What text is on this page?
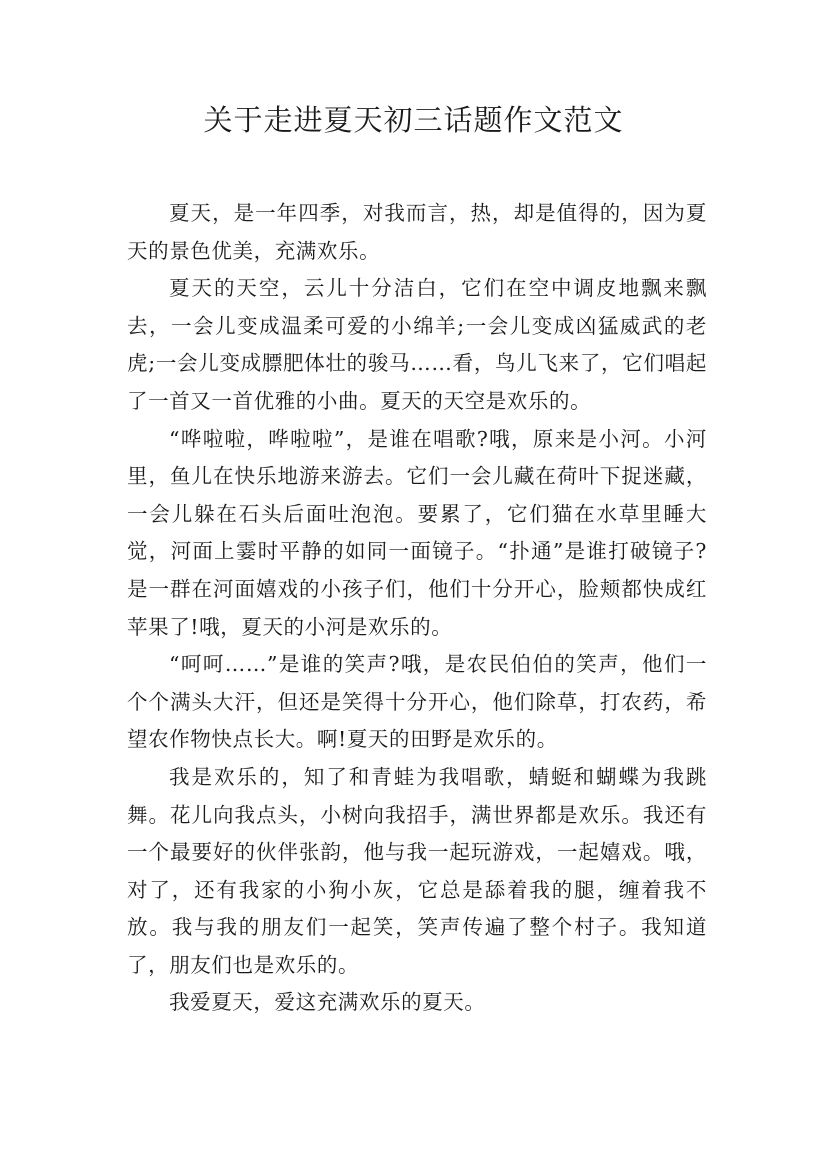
关于走进夏天初三话题作文范文

夏天，是一年四季，对我而言，热，却是值得的，因为夏天的景色优美，充满欢乐。

夏天的天空，云儿十分洁白，它们在空中调皮地飘来飘去，一会儿变成温柔可爱的小绵羊;一会儿变成凶猛威武的老虎;一会儿变成膘肥体壮的骏马……看，鸟儿飞来了，它们唱起了一首又一首优雅的小曲。夏天的天空是欢乐的。

“哗啦啦，哗啦啦”，是谁在唱歌?哦，原来是小河。小河里，鱼儿在快乐地游来游去。它们一会儿藏在荷叶下捉迷藏，一会儿躲在石头后面吐泡泡。要累了，它们猫在水草里睡大觉，河面上霎时平静的如同一面镜子。“扑通”是谁打破镜子?是一群在河面嬉戏的小孩子们，他们十分开心，脸颊都快成红苹果了!哦，夏天的小河是欢乐的。

“呵呵……”是谁的笑声?哦，是农民伯伯的笑声，他们一个个满头大汗，但还是笑得十分开心，他们除草，打农药，希望农作物快点长大。啊!夏天的田野是欢乐的。

我是欢乐的，知了和青蛙为我唱歌，蜻蜓和蝴蝶为我跳舞。花儿向我点头，小树向我招手，满世界都是欢乐。我还有一个最要好的伙伴张韵，他与我一起玩游戏，一起嬉戏。哦，对了，还有我家的小狗小灰，它总是舔着我的腿，缠着我不放。我与我的朋友们一起笑，笑声传遍了整个村子。我知道了，朋友们也是欢乐的。

我爱夏天，爱这充满欢乐的夏天。
